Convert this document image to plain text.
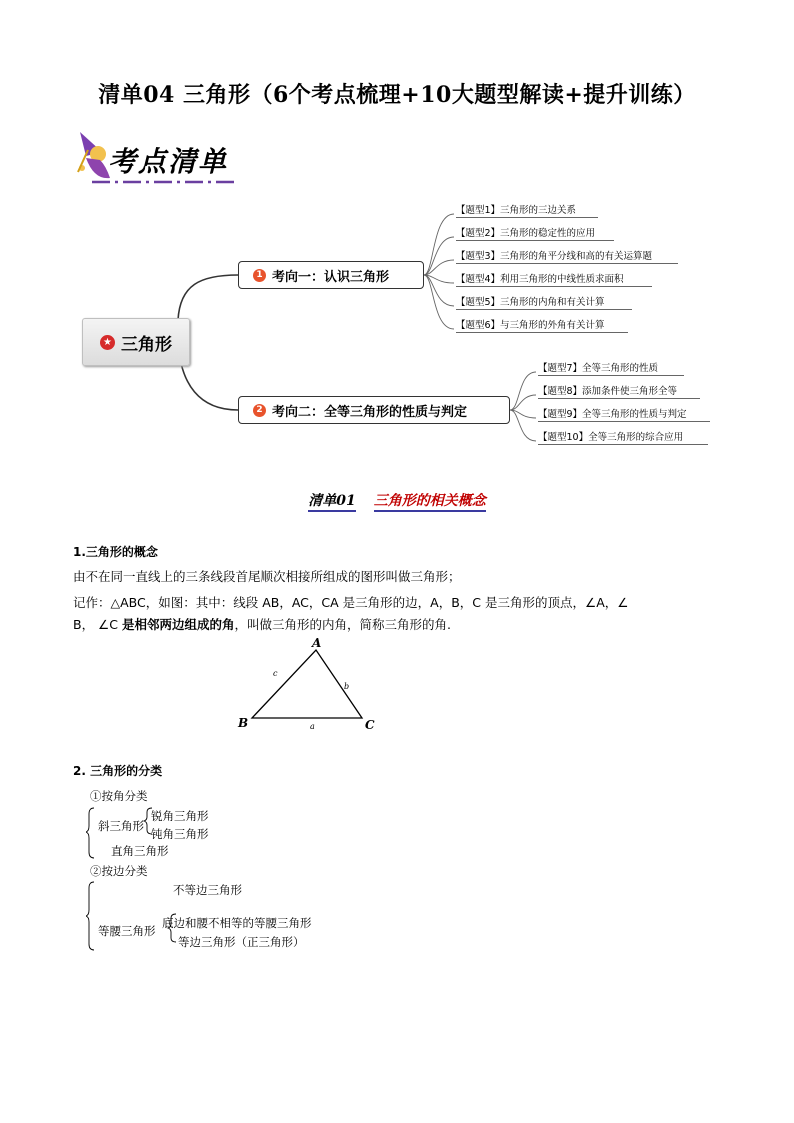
清单04 三角形（6个考点梳理+10大题型解读+提升训练）
考点清单
★ 三角形
1 考向一：认识三角形
2 考向二：全等三角形的性质与判定
【题型1】三角形的三边关系
【题型2】三角形的稳定性的应用
【题型3】三角形的角平分线和高的有关运算题
【题型4】利用三角形的中线性质求面积
【题型5】三角形的内角和有关计算
【题型6】与三角形的外角有关计算
【题型7】全等三角形的性质
【题型8】添加条件使三角形全等
【题型9】全等三角形的性质与判定
【题型10】全等三角形的综合应用
清单01 三角形的相关概念
1.三角形的概念
由不在同一直线上的三条线段首尾顺次相接所组成的图形叫做三角形；
记作：△ABC，如图：其中：线段 AB，AC，CA 是三角形的边，A，B，C 是三角形的顶点，∠A，∠
B， ∠C 是相邻两边组成的角，叫做三角形的内角，简称三角形的角.
A
B	C
c
b
a
2. 三角形的分类
①按角分类
斜三角形
锐角三角形
钝角三角形
直角三角形
②按边分类
不等边三角形
等腰三角形
底边和腰不相等的等腰三角形
等边三角形（正三角形）
